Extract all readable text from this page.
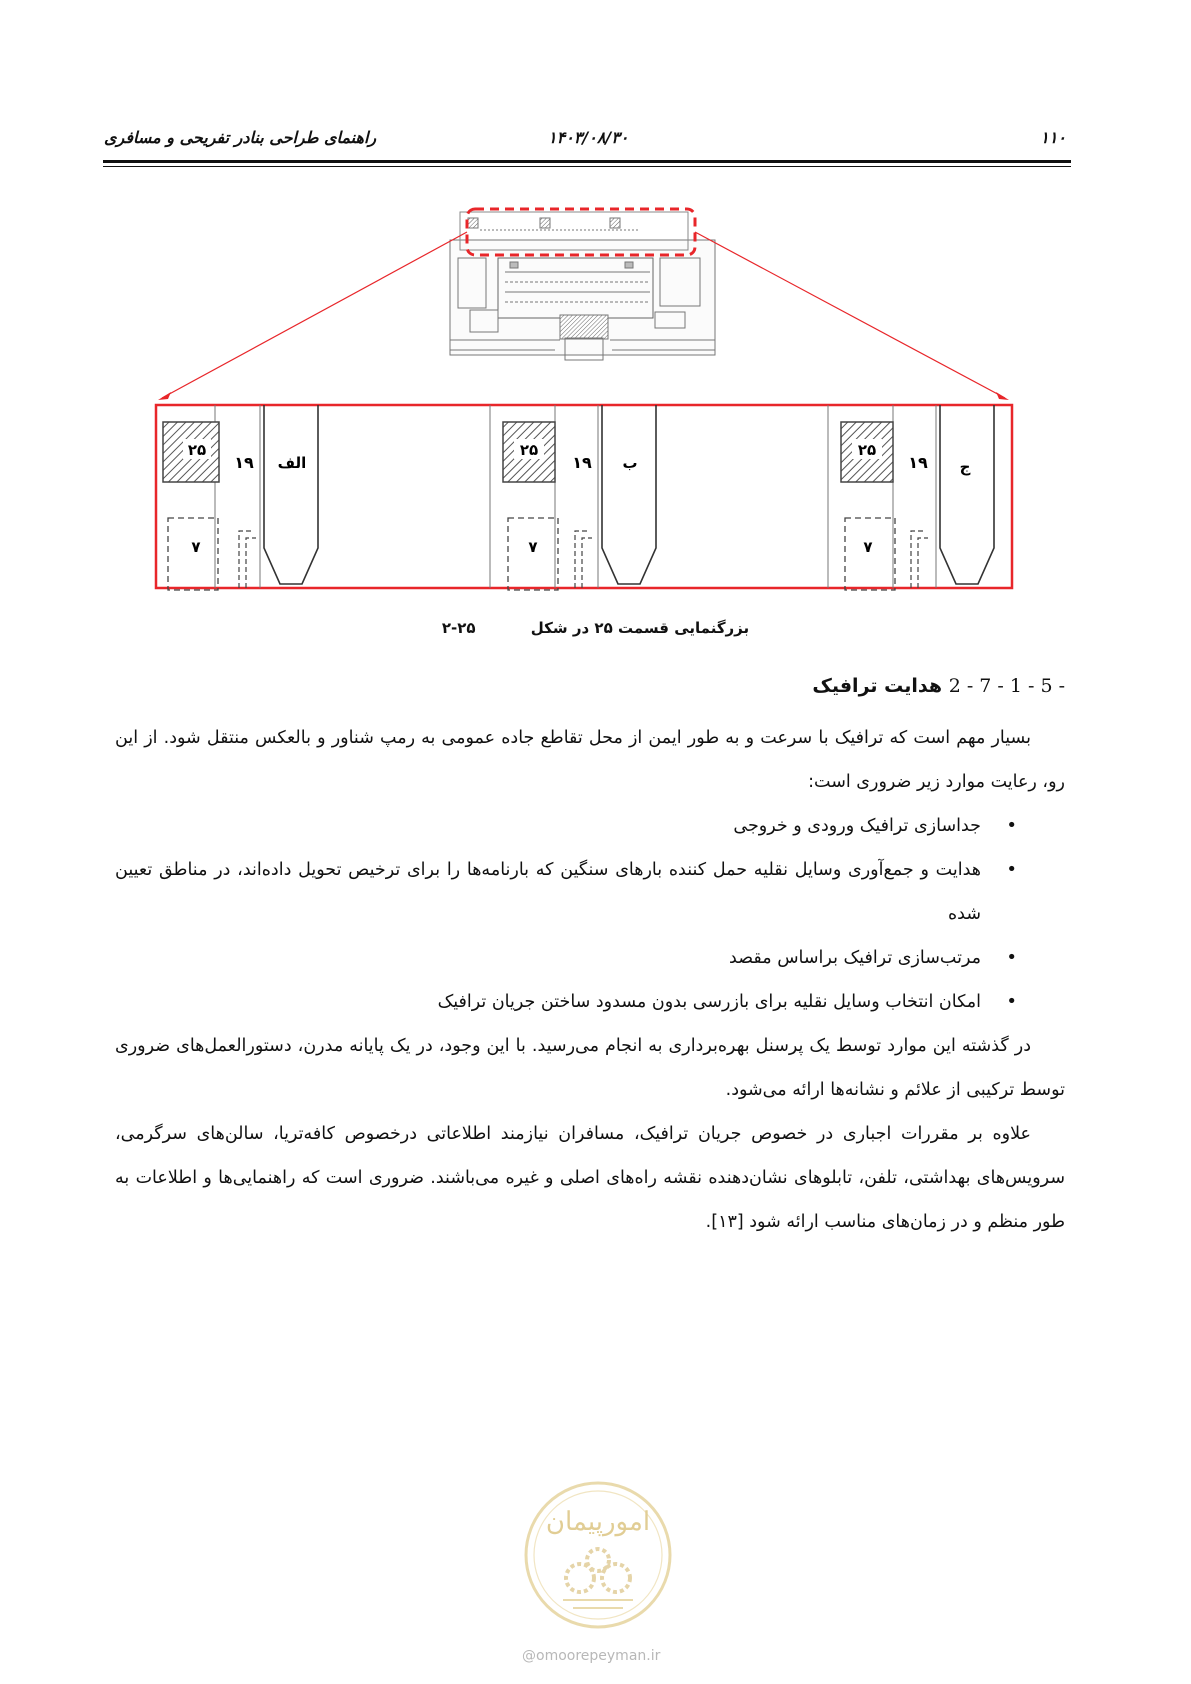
۱۱۰
۱۴۰۳/۰۸/۳۰
راهنمای طراحی بنادر تفریحی و مسافری
۲۵
۱۹
۷
الف
۲۵
۱۹
۷
ب
۲۵
۱۹
۷
ج
بزرگنمایی قسمت ۲۵ در شکل ۲-۲۵
2 - 7 - 1 - 5 - هدایت ترافیک

بسیار مهم است که ترافیک با سرعت و به طور ایمن از محل تقاطع جاده عمومی به رمپ شناور و بالعکس منتقل شود. از این رو، رعایت موارد زیر ضروری است:

• جداسازی ترافیک ورودی و خروجی
• هدایت و جمع‌آوری وسایل نقلیه حمل کننده بارهای سنگین که بارنامه‌ها را برای ترخیص تحویل داده‌اند، در مناطق تعیین شده
• مرتب‌سازی ترافیک براساس مقصد
• امکان انتخاب وسایل نقلیه برای بازرسی بدون مسدود ساختن جریان ترافیک

در گذشته این موارد توسط یک پرسنل بهره‌برداری به انجام می‌رسید. با این وجود، در یک پایانه مدرن، دستورالعمل‌های ضروری توسط ترکیبی از علائم و نشانه‌ها ارائه می‌شود.

علاوه بر مقررات اجباری در خصوص جریان ترافیک، مسافران نیازمند اطلاعاتی درخصوص کافه‌تریا، سالن‌های سرگرمی، سرویس‌های بهداشتی، تلفن، تابلوهای نشان‌دهنده نقشه راه‌های اصلی و غیره می‌باشند. ضروری است که راهنمایی‌ها و اطلاعات به طور منظم و در زمان‌های مناسب ارائه شود [۱۳].

امورپیمان
@omoorepeyman.ir
